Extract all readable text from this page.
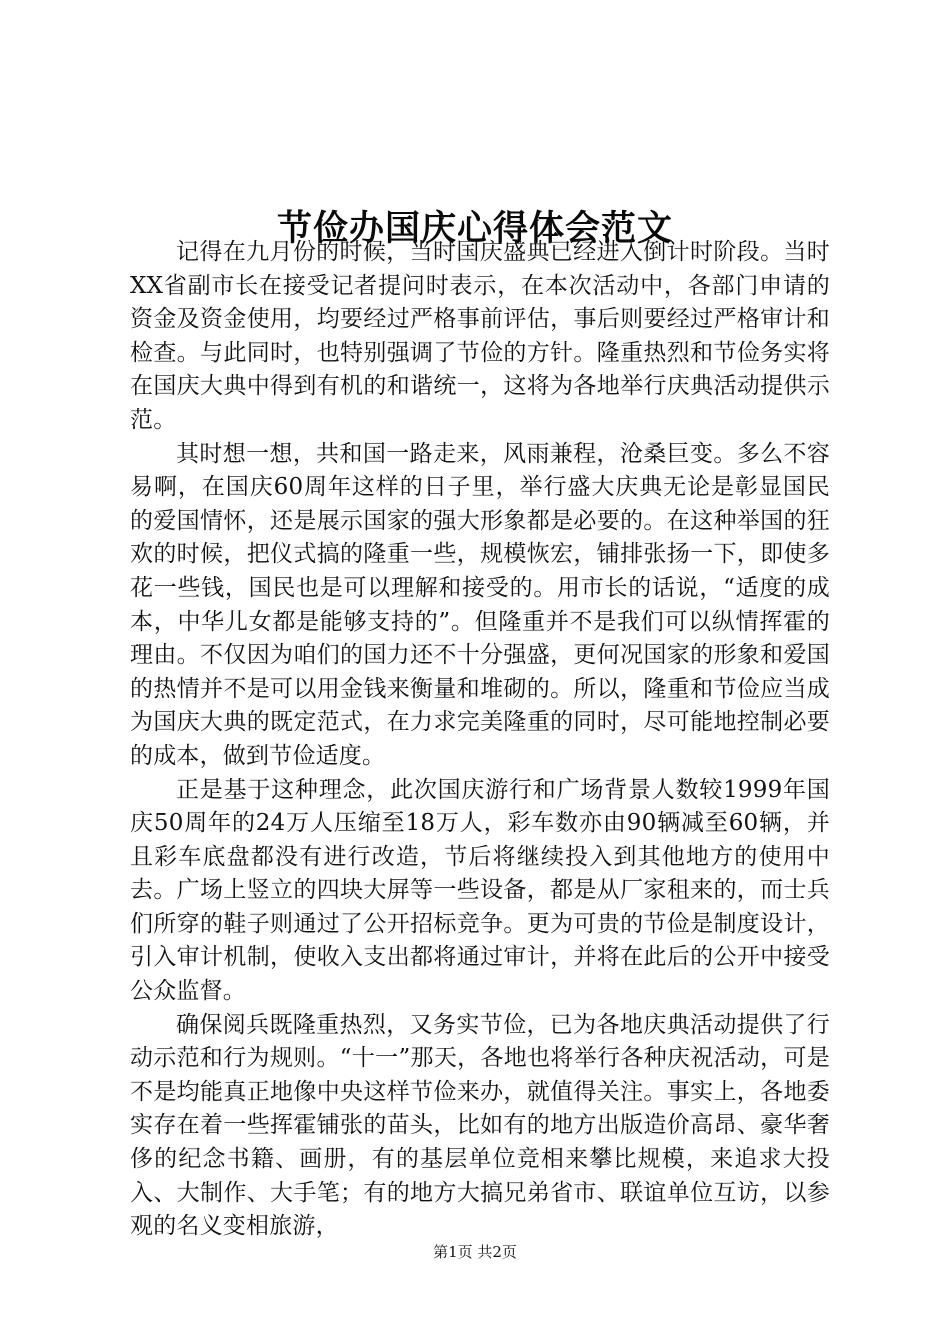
节俭办国庆心得体会范文

记得在九月份的时候，当时国庆盛典已经进入倒计时阶段。当时XX省副市长在接受记者提问时表示，在本次活动中，各部门申请的资金及资金使用，均要经过严格事前评估，事后则要经过严格审计和检查。与此同时，也特别强调了节俭的方针。隆重热烈和节俭务实将在国庆大典中得到有机的和谐统一，这将为各地举行庆典活动提供示范。

其时想一想，共和国一路走来，风雨兼程，沧桑巨变。多么不容易啊，在国庆60周年这样的日子里，举行盛大庆典无论是彰显国民的爱国情怀，还是展示国家的强大形象都是必要的。在这种举国的狂欢的时候，把仪式搞的隆重一些，规模恢宏，铺排张扬一下，即使多花一些钱，国民也是可以理解和接受的。用市长的话说，“适度的成本，中华儿女都是能够支持的”。但隆重并不是我们可以纵情挥霍的理由。不仅因为咱们的国力还不十分强盛，更何况国家的形象和爱国的热情并不是可以用金钱来衡量和堆砌的。所以，隆重和节俭应当成为国庆大典的既定范式，在力求完美隆重的同时，尽可能地控制必要的成本，做到节俭适度。

正是基于这种理念，此次国庆游行和广场背景人数较1999年国庆50周年的24万人压缩至18万人，彩车数亦由90辆减至60辆，并且彩车底盘都没有进行改造，节后将继续投入到其他地方的使用中去。广场上竖立的四块大屏等一些设备，都是从厂家租来的，而士兵们所穿的鞋子则通过了公开招标竞争。更为可贵的节俭是制度设计，引入审计机制，使收入支出都将通过审计，并将在此后的公开中接受公众监督。

确保阅兵既隆重热烈，又务实节俭，已为各地庆典活动提供了行动示范和行为规则。“十一”那天，各地也将举行各种庆祝活动，可是不是均能真正地像中央这样节俭来办，就值得关注。事实上，各地委实存在着一些挥霍铺张的苗头，比如有的地方出版造价高昂、豪华奢侈的纪念书籍、画册，有的基层单位竞相来攀比规模，来追求大投入、大制作、大手笔；有的地方大搞兄弟省市、联谊单位互访，以参观的名义变相旅游，

第1页 共2页
